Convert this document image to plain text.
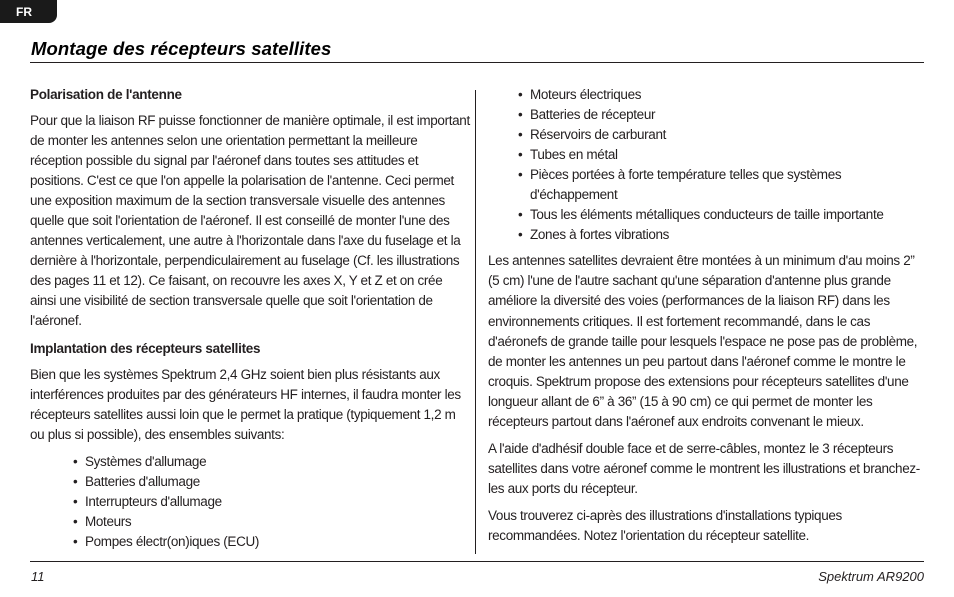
FR
Montage des récepteurs satellites
Polarisation de l'antenne

Pour que la liaison RF puisse fonctionner de manière optimale, il est important de monter les antennes selon une orientation permettant la meilleure réception possible du signal par l'aéronef dans toutes ses attitudes et positions. C'est ce que l'on appelle la polarisation de l'antenne. Ceci permet une exposition maximum de la section transversale visuelle des antennes quelle que soit l'orientation de l'aéronef. Il est conseillé de monter l'une des antennes verticalement, une autre à l'horizontale dans l'axe du fuselage et la dernière à l'horizontale, perpendiculairement au fuselage (Cf. les illustrations des pages 11 et 12). Ce faisant, on recouvre les axes X, Y et Z et on crée ainsi une visibilité de section transversale quelle que soit l'orientation de l'aéronef.

Implantation des récepteurs satellites

Bien que les systèmes Spektrum 2,4 GHz soient bien plus résistants aux interférences produites par des générateurs HF internes, il faudra monter les récepteurs satellites aussi loin que le permet la pratique (typiquement 1,2 m ou plus si possible), des ensembles suivants:

• Systèmes d'allumage
• Batteries d'allumage
• Interrupteurs d'allumage
• Moteurs
• Pompes électr(on)iques (ECU)
• Moteurs électriques
• Batteries de récepteur
• Réservoirs de carburant
• Tubes en métal
• Pièces portées à forte température telles que systèmes d'échappement
• Tous les éléments métalliques conducteurs de taille importante
• Zones à fortes vibrations

Les antennes satellites devraient être montées à un minimum d'au moins 2” (5 cm) l'une de l'autre sachant qu'une séparation d'antenne plus grande améliore la diversité des voies (performances de la liaison RF) dans les environnements critiques. Il est fortement recommandé, dans le cas d'aéronefs de grande taille pour lesquels l'espace ne pose pas de problème, de monter les antennes un peu partout dans l'aéronef comme le montre le croquis. Spektrum propose des extensions pour récepteurs satellites d'une longueur allant de 6” à 36” (15 à 90 cm) ce qui permet de monter les récepteurs partout dans l'aéronef aux endroits convenant le mieux.

A l'aide d'adhésif double face et de serre-câbles, montez le 3 récepteurs satellites dans votre aéronef comme le montrent les illustrations et branchez-les aux ports du récepteur.

Vous trouverez ci-après des illustrations d'installations typiques recommandées. Notez l'orientation du récepteur satellite.

11	Spektrum AR9200
